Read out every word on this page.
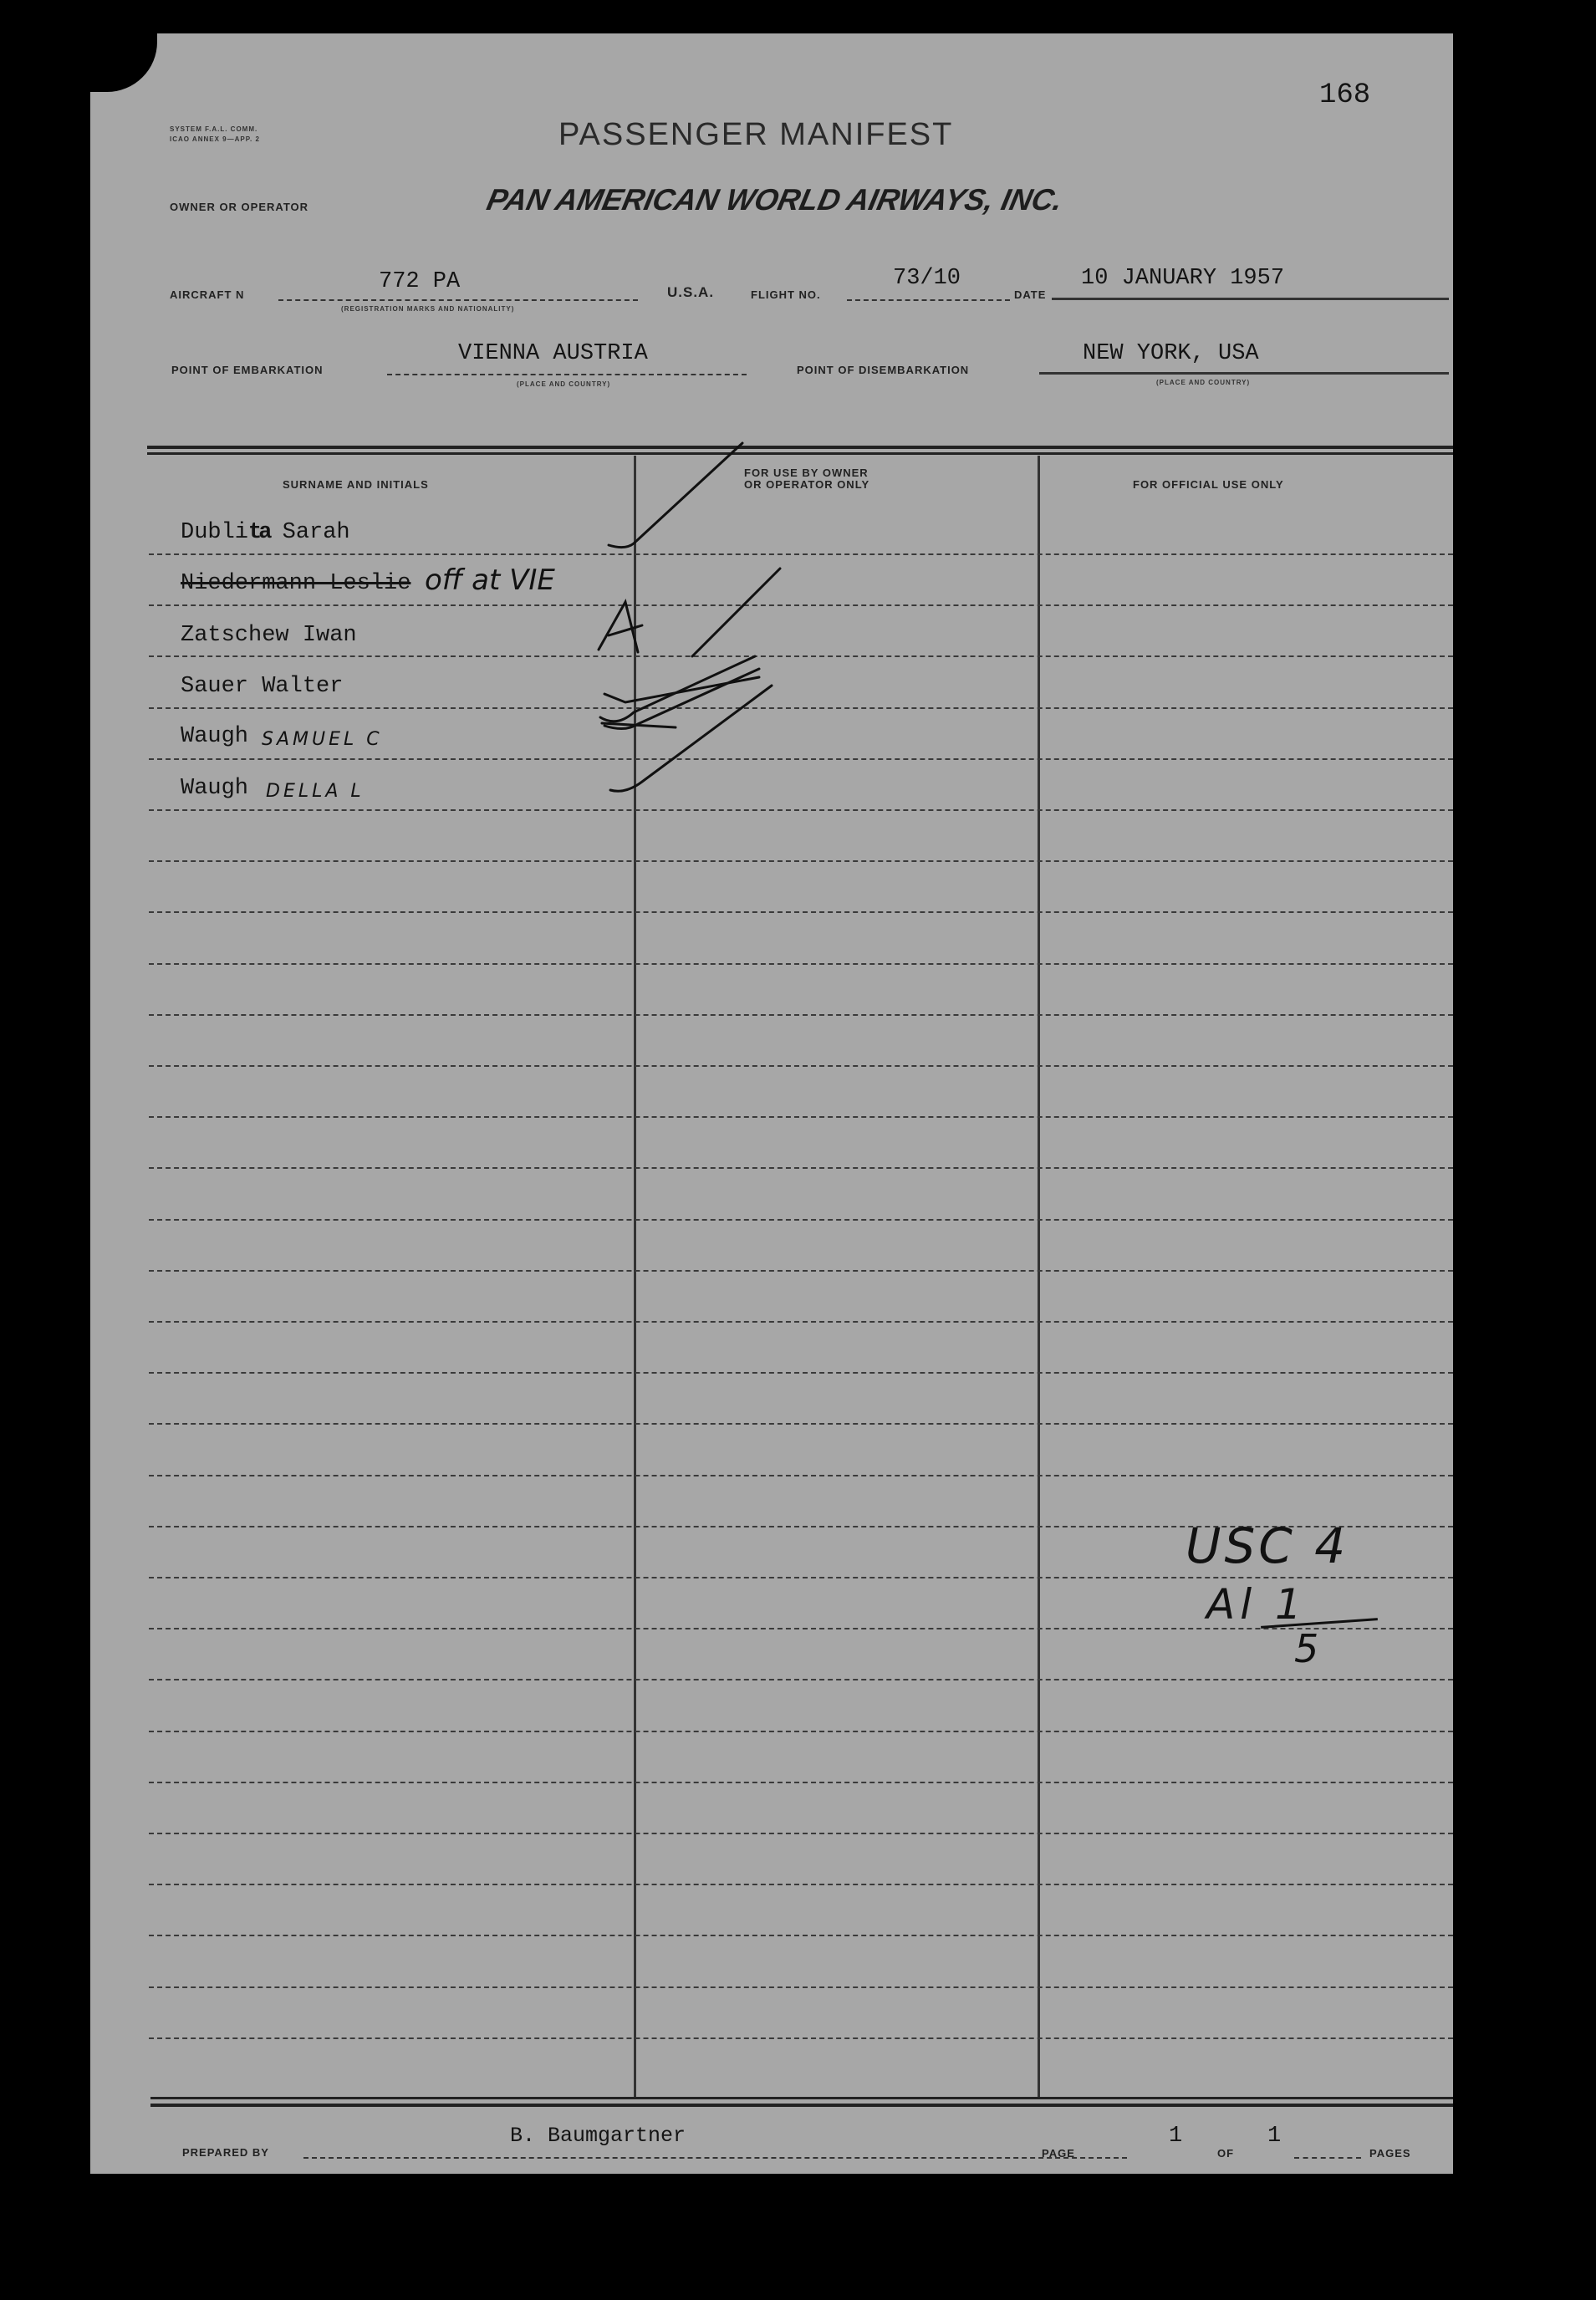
SYSTEM F.A.L. COMM.
ICAO ANNEX 9—APP. 2	PASSENGER MANIFEST
168
OWNER OR OPERATOR	PAN AMERICAN WORLD AIRWAYS, INC.
AIRCRAFT N
772 PA
(REGISTRATION MARKS AND NATIONALITY)
U.S.A.	FLIGHT NO.
73/10
DATE
10 JANUARY 1957
POINT OF EMBARKATION
VIENNA AUSTRIA
(PLACE AND COUNTRY)
POINT OF DISEMBARKATION
NEW YORK, USA
(PLACE AND COUNTRY)
SURNAME AND INITIALS
FOR USE BY OWNER
OR OPERATOR ONLY	FOR OFFICIAL USE ONLY
Dublita Sarah
Niedermann Leslie off at VIE
Zatschew Iwan
Sauer Walter
Waugh SAMUEL C
Waugh DELLA L
USC 4
Al 1
5
PREPARED BY
B. Baumgartner
PAGE
1
OF
1
PAGES
